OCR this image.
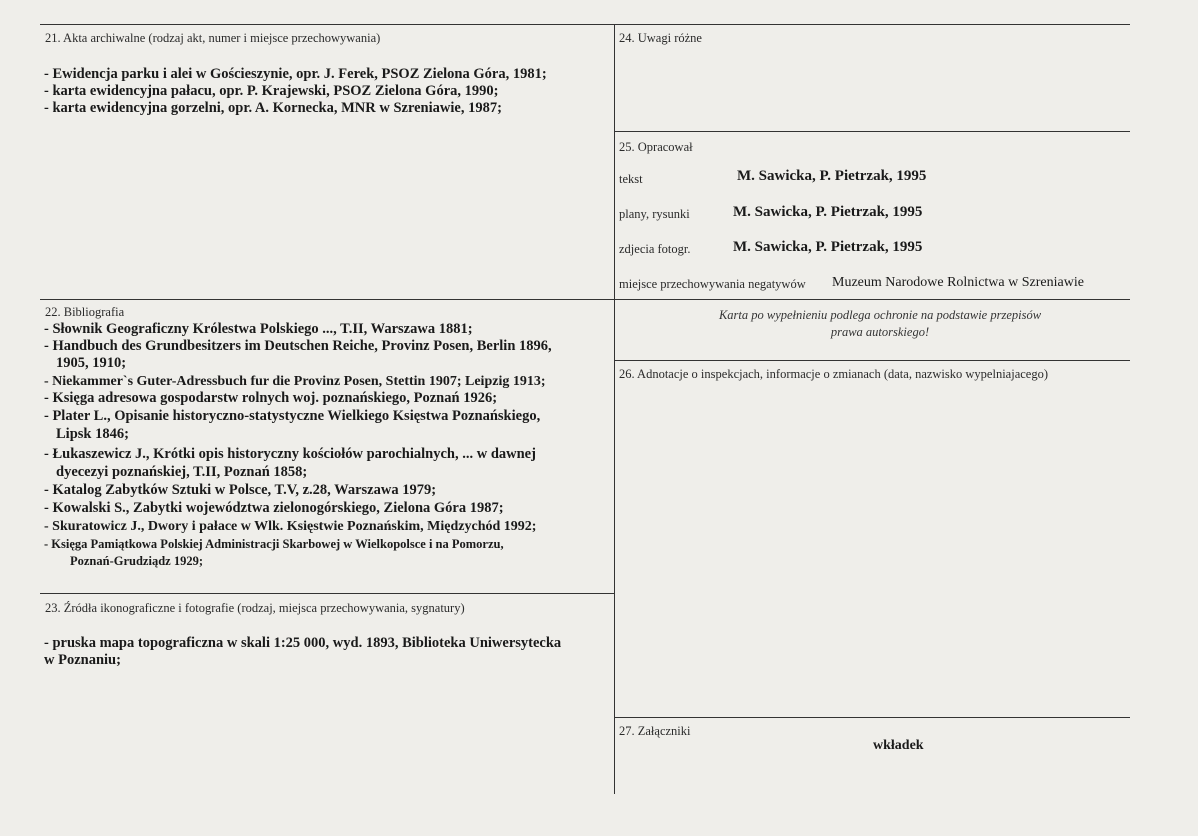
21. Akta archiwalne (rodzaj akt, numer i miejsce przechowywania)
- Ewidencja parku i alei w Gościeszynie, opr. J. Ferek, PSOZ Zielona Góra, 1981;
- karta ewidencyjna pałacu, opr. P. Krajewski, PSOZ Zielona Góra, 1990;
- karta ewidencyjna gorzelni, opr. A. Kornecka, MNR w Szreniawie, 1987;
22. Bibliografia
- Słownik Geograficzny Królestwa Polskiego ..., T.II, Warszawa 1881;
- Handbuch des Grundbesitzers im Deutschen Reiche, Provinz Posen, Berlin 1896,
1905, 1910;
- Niekammer`s Guter-Adressbuch fur die Provinz Posen, Stettin 1907; Leipzig 1913;
- Księga adresowa gospodarstw rolnych woj. poznańskiego, Poznań 1926;
- Plater L., Opisanie historyczno-statystyczne Wielkiego Księstwa Poznańskiego,
Lipsk 1846;
- Łukaszewicz J., Krótki opis historyczny kościołów parochialnych, ... w dawnej
dyecezyi poznańskiej, T.II, Poznań 1858;
- Katalog Zabytków Sztuki w Polsce, T.V, z.28, Warszawa 1979;
- Kowalski S., Zabytki województwa zielonogórskiego, Zielona Góra 1987;
- Skuratowicz J., Dwory i pałace w Wlk. Księstwie Poznańskim, Międzychód 1992;
- Księga Pamiątkowa Polskiej Administracji Skarbowej w Wielkopolsce i na Pomorzu,
Poznań-Grudziądz 1929;
23. Źródła ikonograficzne i fotografie (rodzaj, miejsca przechowywania, sygnatury)
- pruska mapa topograficzna w skali 1:25 000, wyd. 1893, Biblioteka Uniwersytecka
w Poznaniu;
24. Uwagi różne
25. Opracował
tekst	M. Sawicka, P. Pietrzak, 1995
plany, rysunki	M. Sawicka, P. Pietrzak, 1995
zdjecia fotogr.	M. Sawicka, P. Pietrzak, 1995
miejsce przechowywania negatywów Muzeum Narodowe Rolnictwa w Szreniawie
Karta po wypełnieniu podlega ochronie na podstawie przepisów
prawa autorskiego!
26. Adnotacje o inspekcjach, informacje o zmianach (data, nazwisko wypelniajacego)
27. Załączniki
wkładek
